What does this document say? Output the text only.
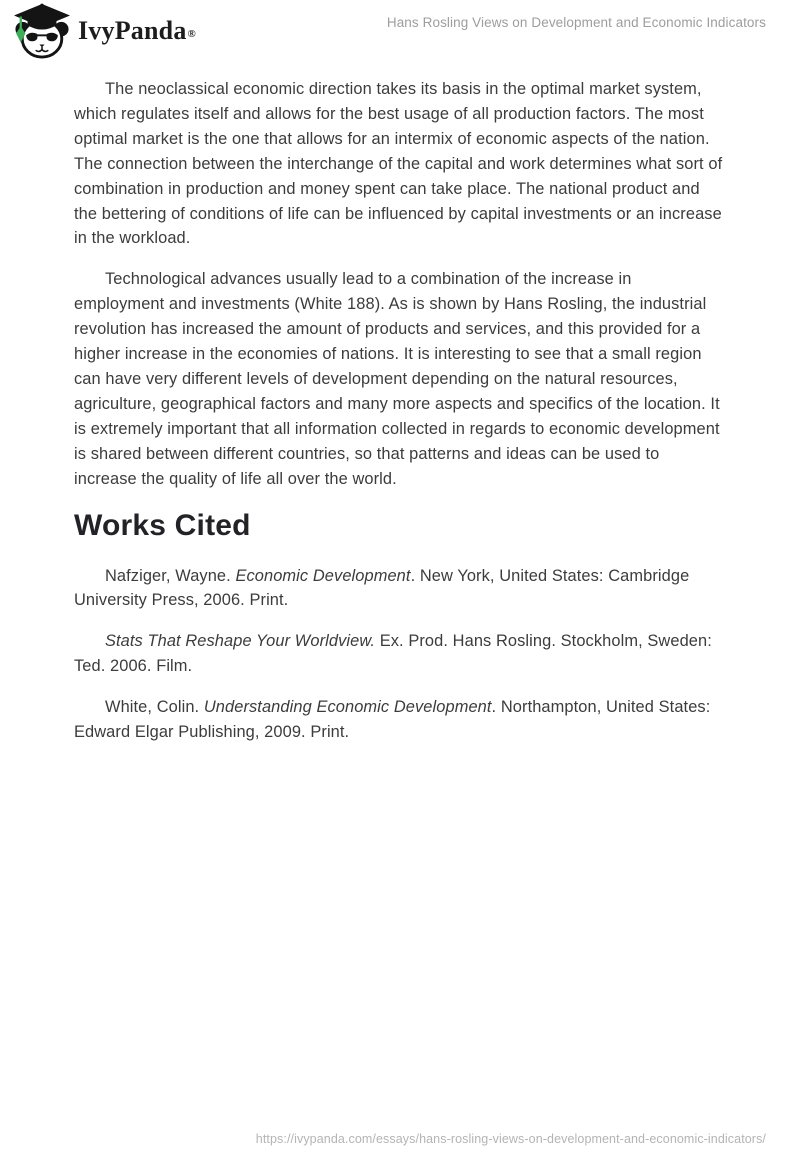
IvyPanda ®
Hans Rosling Views on Development and Economic Indicators

The neoclassical economic direction takes its basis in the optimal market system, which regulates itself and allows for the best usage of all production factors. The most optimal market is the one that allows for an intermix of economic aspects of the nation. The connection between the interchange of the capital and work determines what sort of combination in production and money spent can take place. The national product and the bettering of conditions of life can be influenced by capital investments or an increase in the workload.

Technological advances usually lead to a combination of the increase in employment and investments (White 188). As is shown by Hans Rosling, the industrial revolution has increased the amount of products and services, and this provided for a higher increase in the economies of nations. It is interesting to see that a small region can have very different levels of development depending on the natural resources, agriculture, geographical factors and many more aspects and specifics of the location. It is extremely important that all information collected in regards to economic development is shared between different countries, so that patterns and ideas can be used to increase the quality of life all over the world.

Works Cited

Nafziger, Wayne. Economic Development. New York, United States: Cambridge University Press, 2006. Print.

Stats That Reshape Your Worldview. Ex. Prod. Hans Rosling. Stockholm, Sweden: Ted. 2006. Film.

White, Colin. Understanding Economic Development. Northampton, United States: Edward Elgar Publishing, 2009. Print.

https://ivypanda.com/essays/hans-rosling-views-on-development-and-economic-indicators/
